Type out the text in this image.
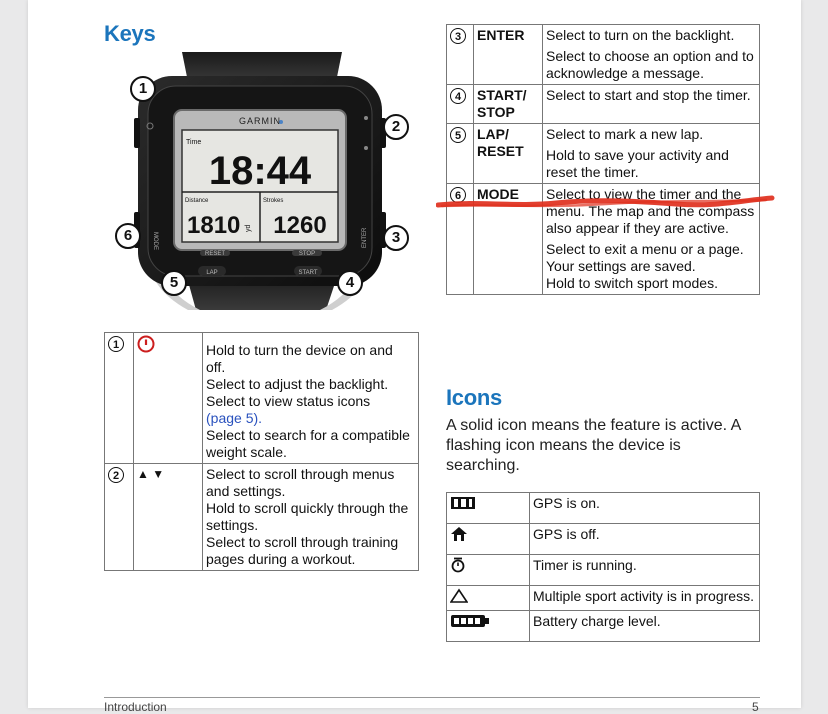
Keys
GARMIN
Time
18:44
Distance
1810 yd
Strokes
1260
RESET	STOP
LAP	START
MODE	ENTER
1
2
3
4
5
6
1		Hold to turn the device on and off.

Select to adjust the backlight.

Select to view status icons

(page 5).

Select to search for a compatible weight scale.

2	▲ ▼	Select to scroll through menus and settings.

Hold to scroll quickly through the settings.

Select to scroll through training pages during a workout.

3	ENTER	Select to turn on the backlight.

Select to choose an option and to acknowledge a message.

4	START/ STOP	Select to start and stop the timer.

5	LAP/ RESET	Select to mark a new lap.

Hold to save your activity and reset the timer.

6	MODE	Select to view the timer and the menu. The map and the compass also appear if they are active.

Select to exit a menu or a page. Your settings are saved.

Hold to switch sport modes.

Icons
A solid icon means the feature is active. A flashing icon means the device is searching.
	GPS is on.
	GPS is off.
	Timer is running.
	Multiple sport activity is in progress.
	Battery charge level.
Introduction	5
